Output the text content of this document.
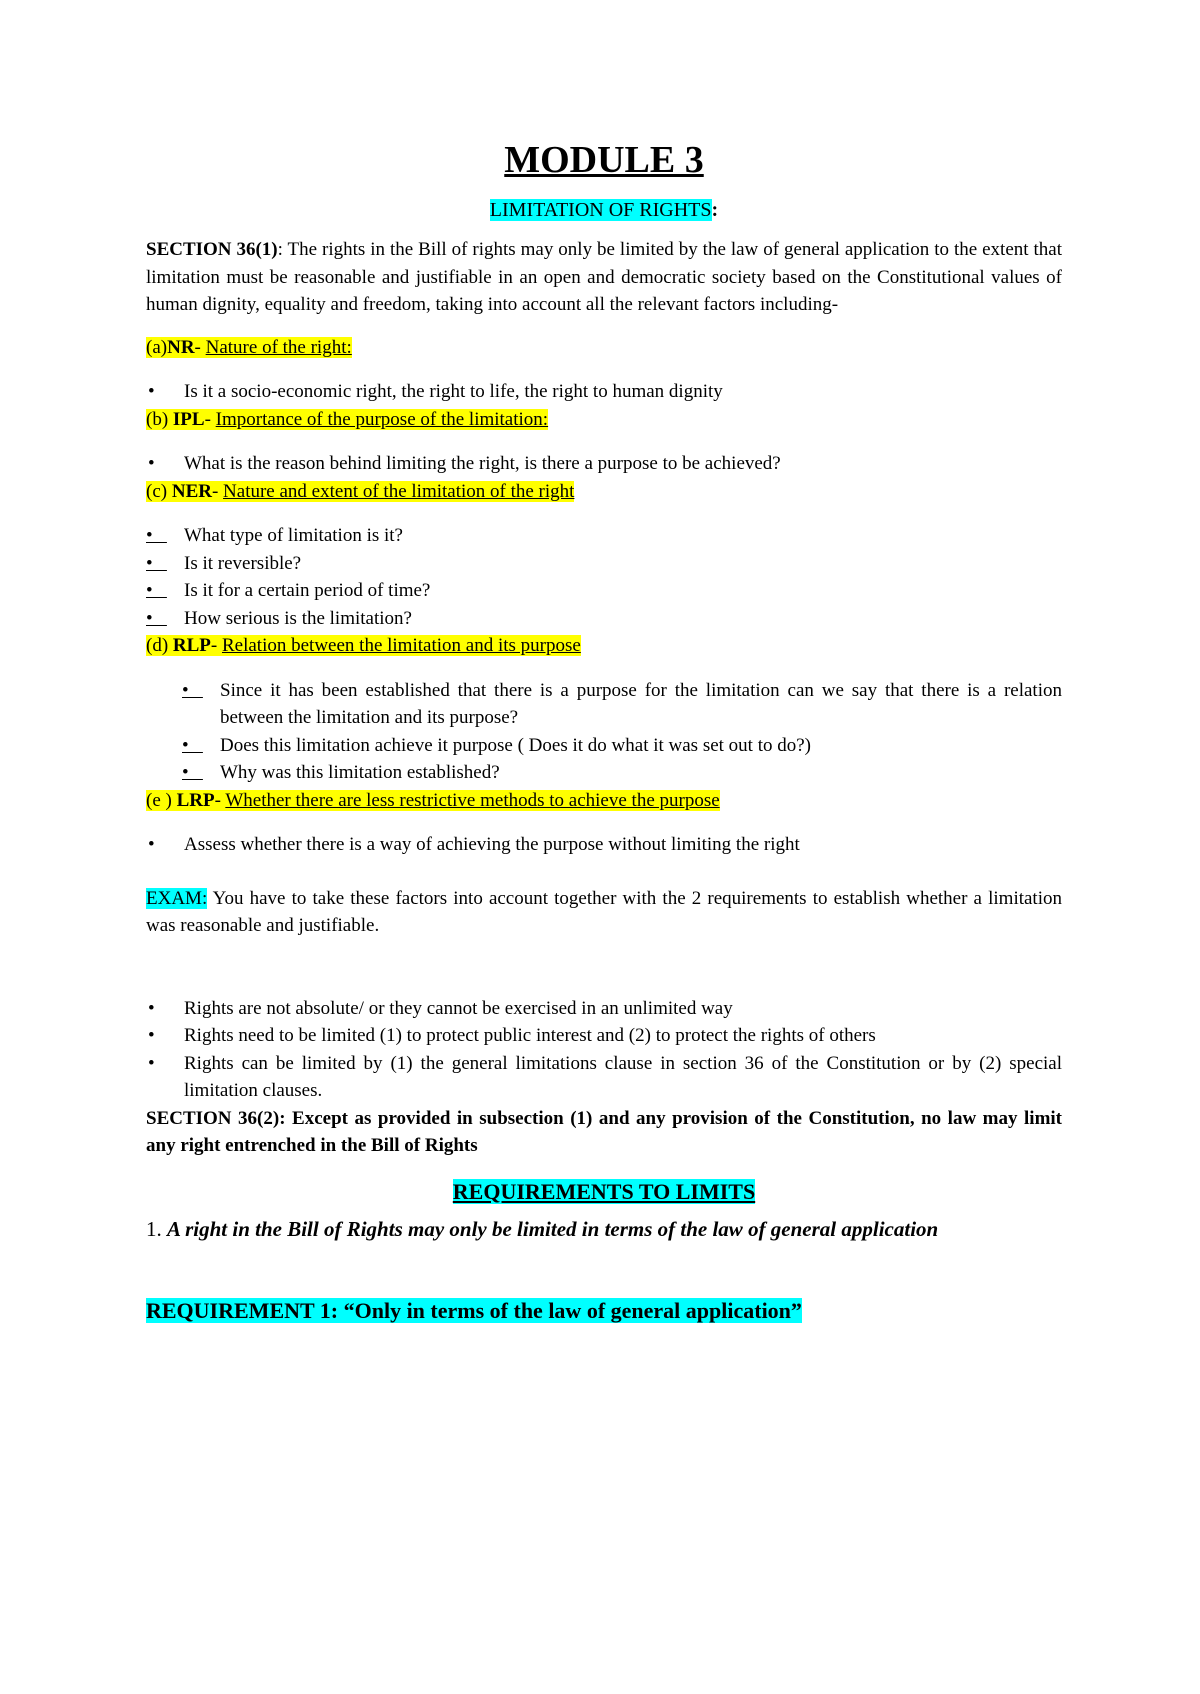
MODULE 3
LIMITATION OF RIGHTS:

SECTION 36(1): The rights in the Bill of rights may only be limited by the law of general application to the extent that limitation must be reasonable and justifiable in an open and democratic society based on the Constitutional values of human dignity, equality and freedom, taking into account all the relevant factors including-

(a)NR- Nature of the right:

• Is it a socio-economic right, the right to life, the right to human dignity

(b) IPL- Importance of the purpose of the limitation:

• What is the reason behind limiting the right, is there a purpose to be achieved?

(c) NER- Nature and extent of the limitation of the right

• What type of limitation is it?
• Is it reversible?
• Is it for a certain period of time?
• How serious is the limitation?

(d) RLP- Relation between the limitation and its purpose

• Since it has been established that there is a purpose for the limitation can we say that there is a relation between the limitation and its purpose?
• Does this limitation achieve it purpose ( Does it do what it was set out to do?)
• Why was this limitation established?

(e ) LRP- Whether there are less restrictive methods to achieve the purpose

• Assess whether there is a way of achieving the purpose without limiting the right

EXAM: You have to take these factors into account together with the 2 requirements to establish whether a limitation was reasonable and justifiable.

• Rights are not absolute/ or they cannot be exercised in an unlimited way
• Rights need to be limited (1) to protect public interest and (2) to protect the rights of others
• Rights can be limited by (1) the general limitations clause in section 36 of the Constitution or by (2) special limitation clauses.

SECTION 36(2): Except as provided in subsection (1) and any provision of the Constitution, no law may limit any right entrenched in the Bill of Rights

REQUIREMENTS TO LIMITS

1. A right in the Bill of Rights may only be limited in terms of the law of general application

REQUIREMENT 1: “Only in terms of the law of general application”
